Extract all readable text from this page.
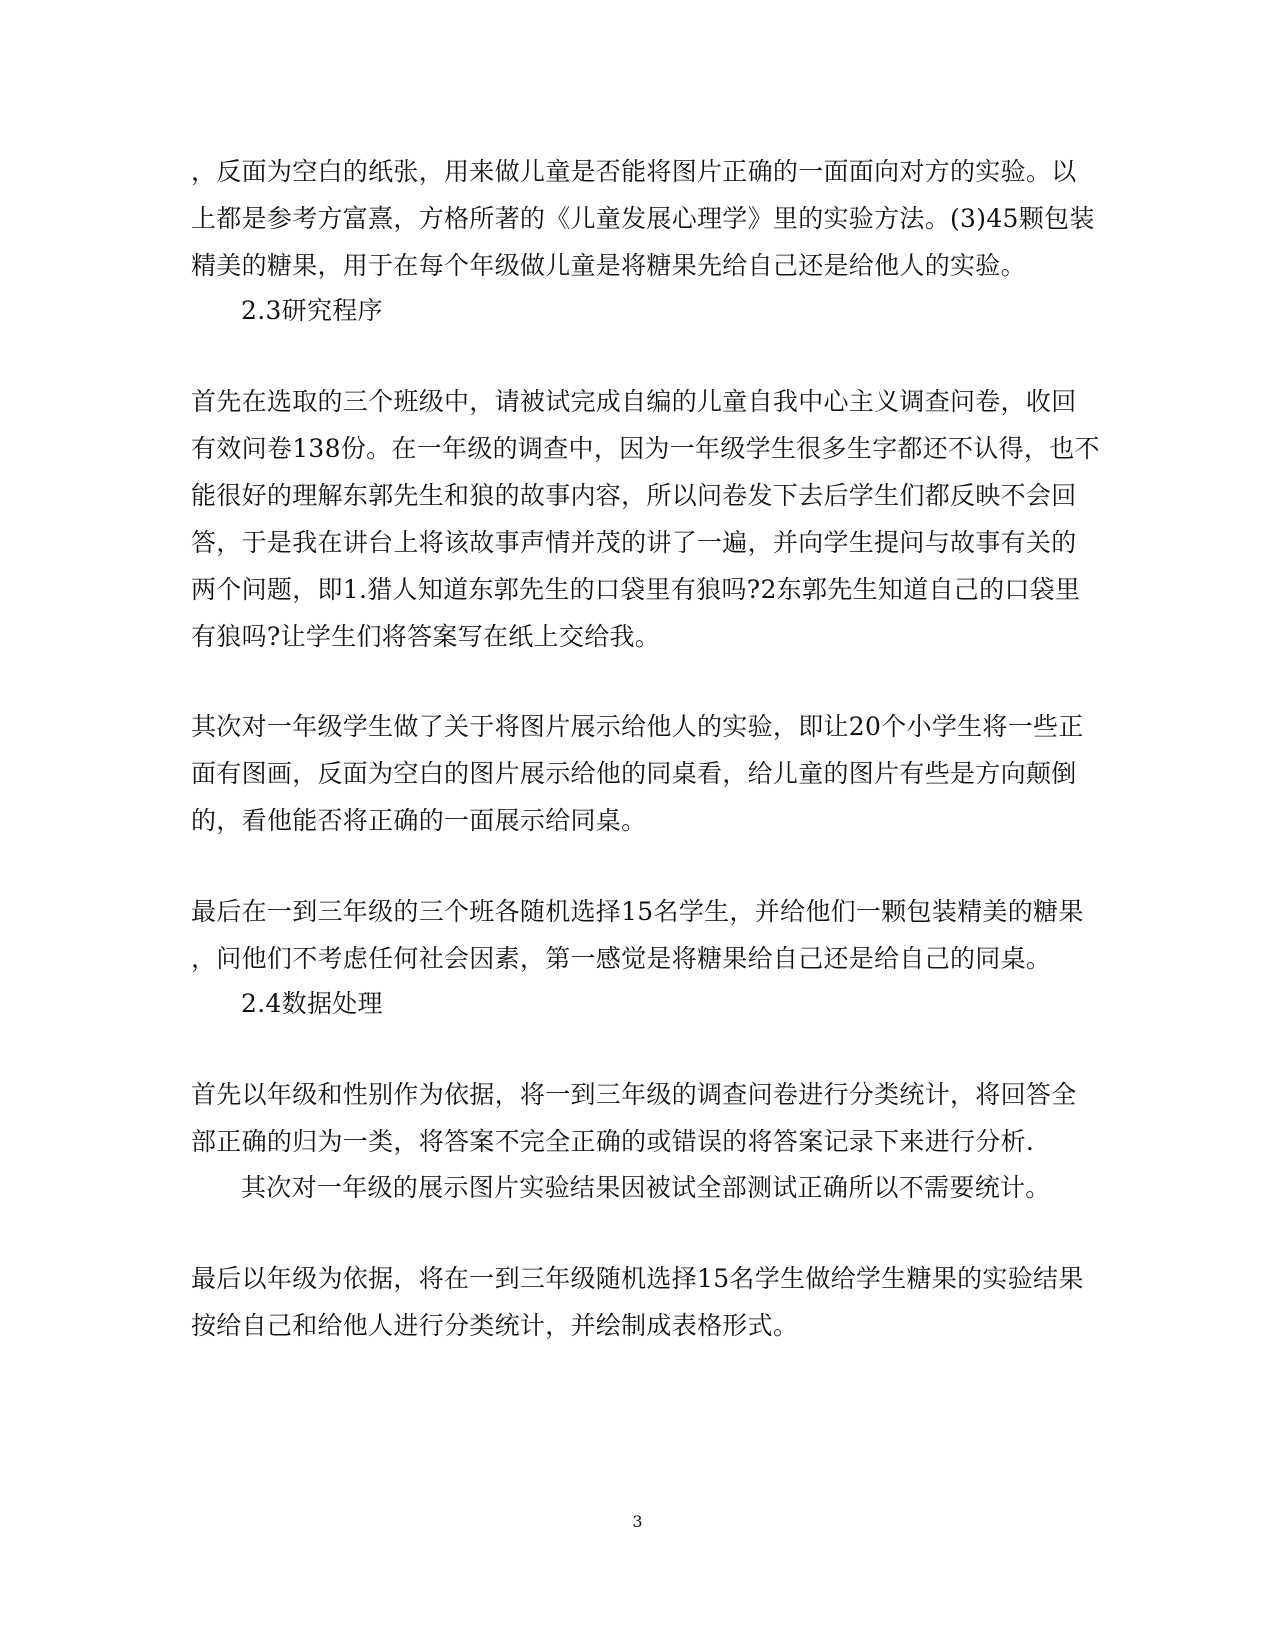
，反面为空白的纸张，用来做儿童是否能将图片正确的一面面向对方的实验。以
上都是参考方富熹，方格所著的《儿童发展心理学》里的实验方法。(3)45颗包装
精美的糖果，用于在每个年级做儿童是将糖果先给自己还是给他人的实验。
2.3研究程序
首先在选取的三个班级中，请被试完成自编的儿童自我中心主义调查问卷，收回
有效问卷138份。在一年级的调查中，因为一年级学生很多生字都还不认得，也不
能很好的理解东郭先生和狼的故事内容，所以问卷发下去后学生们都反映不会回
答，于是我在讲台上将该故事声情并茂的讲了一遍，并向学生提问与故事有关的
两个问题，即1.猎人知道东郭先生的口袋里有狼吗?2东郭先生知道自己的口袋里
有狼吗?让学生们将答案写在纸上交给我。
其次对一年级学生做了关于将图片展示给他人的实验，即让20个小学生将一些正
面有图画，反面为空白的图片展示给他的同桌看，给儿童的图片有些是方向颠倒
的，看他能否将正确的一面展示给同桌。
最后在一到三年级的三个班各随机选择15名学生，并给他们一颗包装精美的糖果
，问他们不考虑任何社会因素，第一感觉是将糖果给自己还是给自己的同桌。
2.4数据处理
首先以年级和性别作为依据，将一到三年级的调查问卷进行分类统计，将回答全
部正确的归为一类，将答案不完全正确的或错误的将答案记录下来进行分析.
其次对一年级的展示图片实验结果因被试全部测试正确所以不需要统计。
最后以年级为依据，将在一到三年级随机选择15名学生做给学生糖果的实验结果
按给自己和给他人进行分类统计，并绘制成表格形式。
3
